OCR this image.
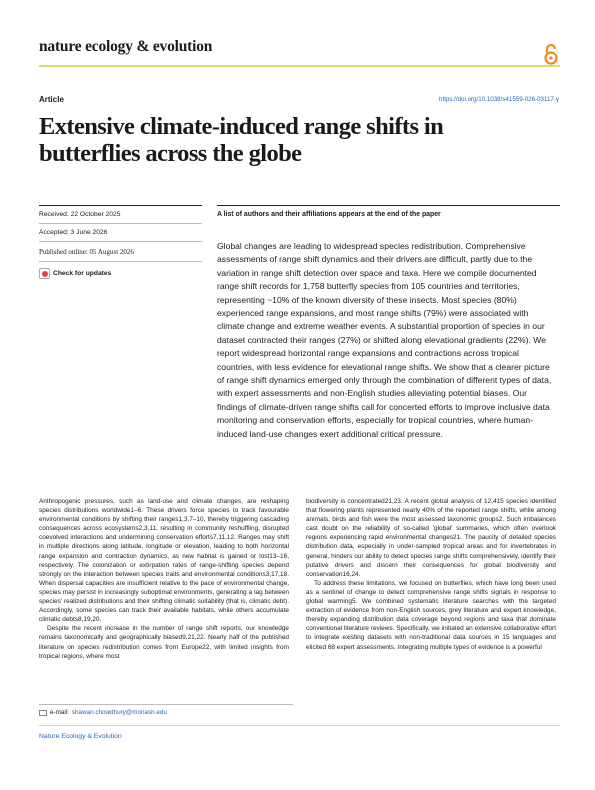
nature ecology & evolution
Article	https://doi.org/10.1038/s41559-026-03117-y
Extensive climate-induced range shifts in butterflies across the globe
Received: 22 October 2025
Accepted: 3 June 2026
Published online: 05 August 2026
Check for updates
A list of authors and their affiliations appears at the end of the paper

Global changes are leading to widespread species redistribution. Comprehensive assessments of range shift dynamics and their drivers are difficult, partly due to the variation in range shift detection over space and taxa. Here we compile documented range shift records for 1,758 butterfly species from 105 countries and territories, representing ~10% of the known diversity of these insects. Most species (80%) experienced range expansions, and most range shifts (79%) were associated with climate change and extreme weather events. A substantial proportion of species in our dataset contracted their ranges (27%) or shifted along elevational gradients (22%). We report widespread horizontal range expansions and contractions across tropical countries, with less evidence for elevational range shifts. We show that a clearer picture of range shift dynamics emerged only through the combination of different types of data, with expert assessments and non-English studies alleviating potential biases. Our findings of climate-driven range shifts call for concerted efforts to improve inclusive data monitoring and conservation efforts, especially for tropical countries, where human-induced land-use changes exert additional critical pressure.

Anthropogenic pressures, such as land-use and climate changes, are reshaping species distributions worldwide1–6. These drivers force species to track favourable environmental conditions by shifting their ranges1,3,7–10, thereby triggering cascading consequences across ecosystems2,3,11, resulting in community reshuffling, disrupted coevolved interactions and undermining conservation efforts7,11,12. Ranges may shift in multiple directions along latitude, longitude or elevation, leading to both horizontal range expansion and contraction dynamics, as new habitat is gained or lost13–16, respectively. The colonization or extirpation rates of range-shifting species depend strongly on the interaction between species traits and environmental conditions3,17,18. When dispersal capacities are insufficient relative to the pace of environmental change, species may persist in increasingly suboptimal environments, generating a lag between species' realized distributions and their shifting climatic suitability (that is, climatic debt). Accordingly, some species can track their available habitats, while others accumulate climatic debts8,19,20.

Despite the recent increase in the number of range shift reports, our knowledge remains taxonomically and geographically biased9,21,22. Nearly half of the published literature on species redistribution comes from Europe22, with limited insights from tropical regions, where most

biodiversity is concentrated21,23. A recent global analysis of 12,415 species identified that flowering plants represented nearly 40% of the reported range shifts, while among animals, birds and fish were the most assessed taxonomic groups2. Such imbalances cast doubt on the reliability of so-called 'global' summaries, which often overlook regions experiencing rapid environmental changes21. The paucity of detailed species distribution data, especially in under-sampled tropical areas and for invertebrates in general, hinders our ability to detect species range shifts comprehensively, identify their putative drivers and discern their consequences for global biodiversity and conservation16,24.

To address these limitations, we focused on butterflies, which have long been used as a sentinel of change to detect comprehensive range shifts signals in response to global warming5. We combined systematic literature searches with the targeted extraction of evidence from non-English sources, grey literature and expert knowledge, thereby expanding distribution data coverage beyond regions and taxa that dominate conventional literature reviews. Specifically, we initiated an extensive collaborative effort to integrate existing datasets with non-traditional data sources in 15 languages and elicited 68 expert assessments. Integrating multiple types of evidence is a powerful

e-mail: shawan.chowdhury@monash.edu
Nature Ecology & Evolution
